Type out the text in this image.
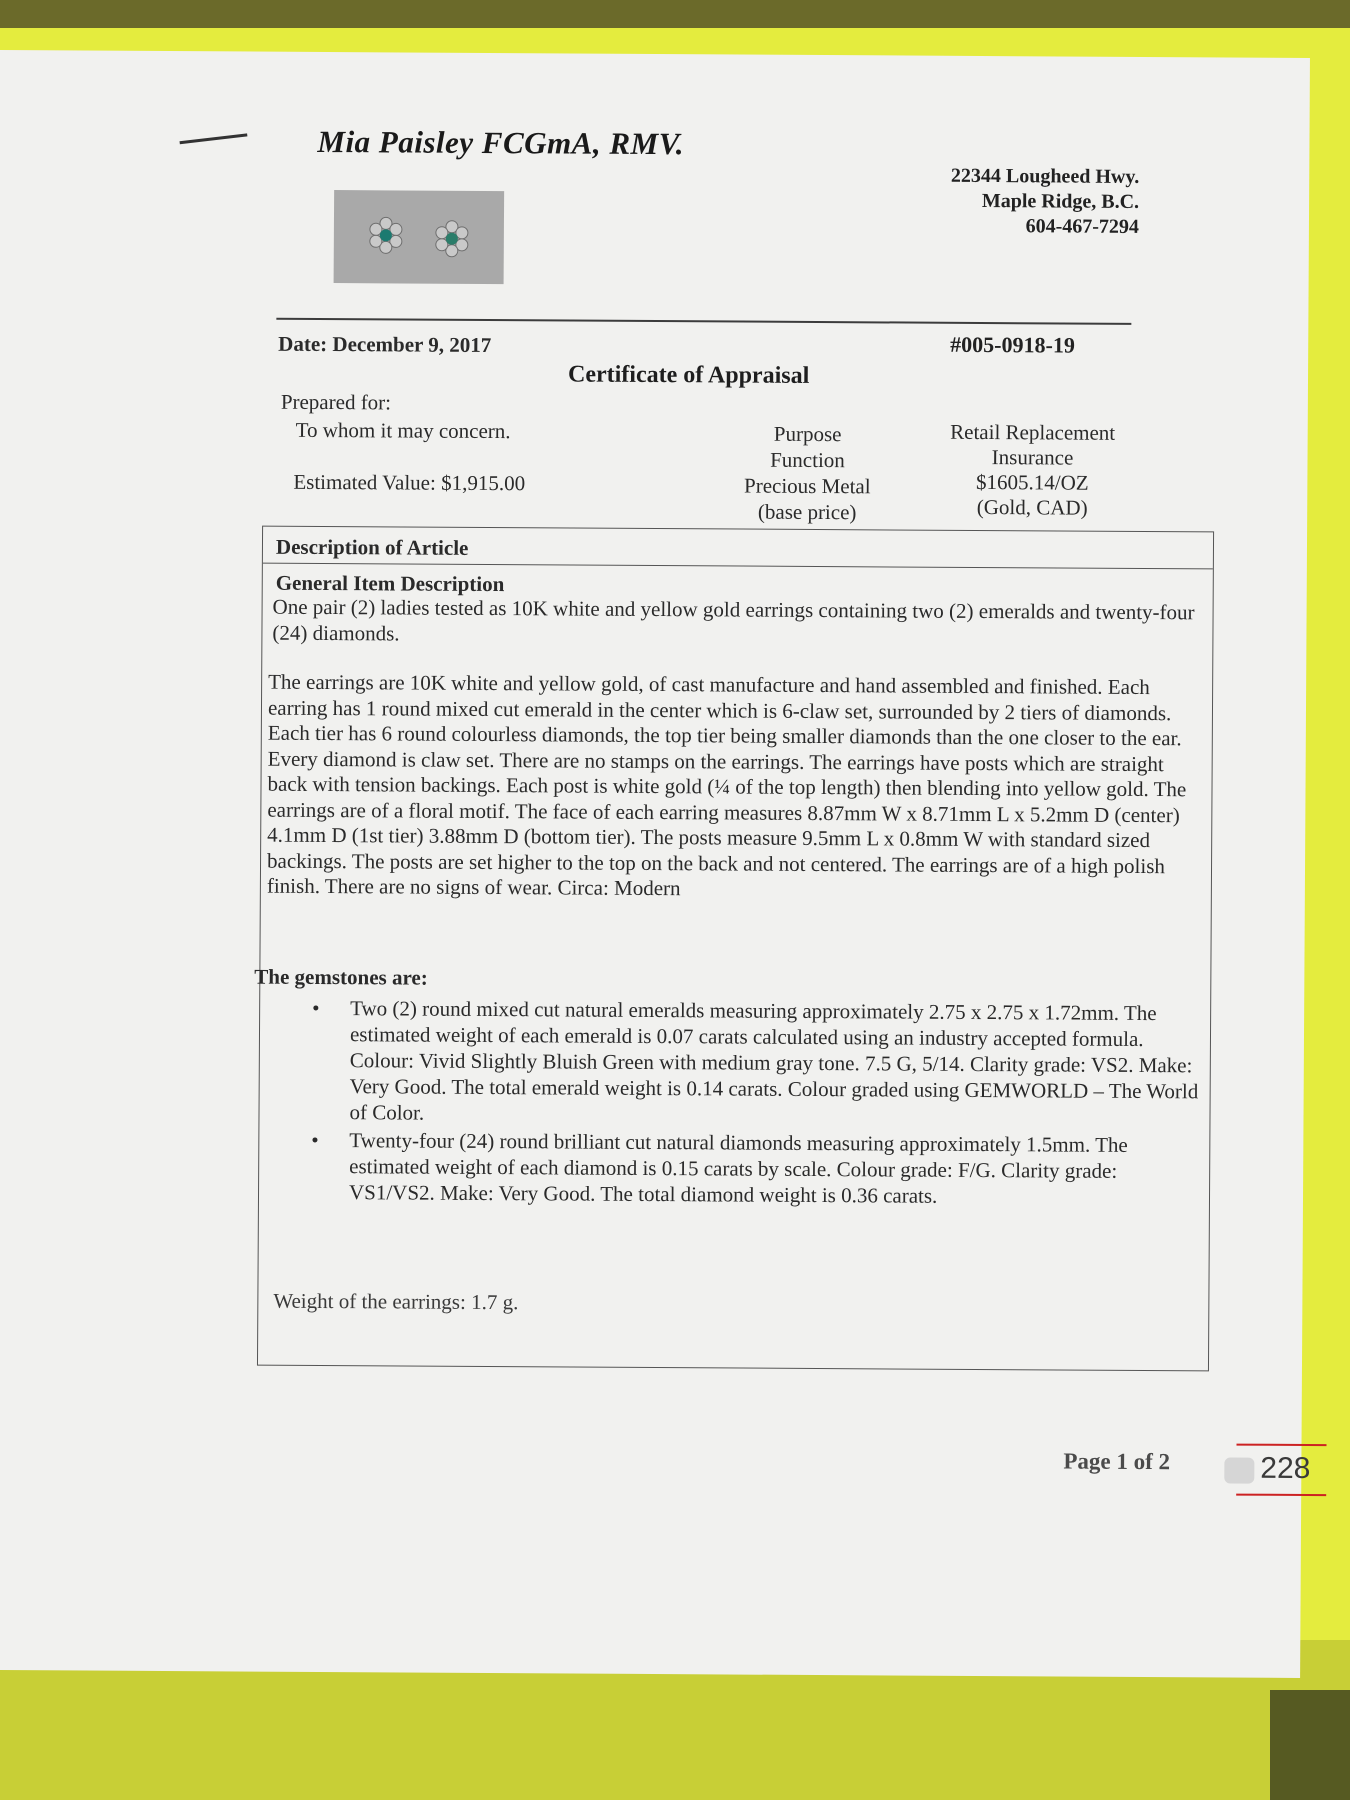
Mia Paisley FCGmA, RMV.
22344 Lougheed Hwy.
Maple Ridge, B.C.
604-467-7294
Date: December 9, 2017	#005-0918-19
Certificate of Appraisal
Prepared for:
To whom it may concern.
Estimated Value: $1,915.00
Purpose
Function
Precious Metal
(base price)
Retail Replacement
Insurance
$1605.14/OZ
(Gold, CAD)
Description of Article
General Item Description
One pair (2) ladies tested as 10K white and yellow gold earrings containing two (2) emeralds and twenty-four (24) diamonds.
The earrings are 10K white and yellow gold, of cast manufacture and hand assembled and finished. Each earring has 1 round mixed cut emerald in the center which is 6-claw set, surrounded by 2 tiers of diamonds. Each tier has 6 round colourless diamonds, the top tier being smaller diamonds than the one closer to the ear. Every diamond is claw set. There are no stamps on the earrings. The earrings have posts which are straight back with tension backings. Each post is white gold (¼ of the top length) then blending into yellow gold. The earrings are of a floral motif. The face of each earring measures 8.87mm W x 8.71mm L x 5.2mm D (center) 4.1mm D (1st tier) 3.88mm D (bottom tier). The posts measure 9.5mm L x 0.8mm W with standard sized backings. The posts are set higher to the top on the back and not centered. The earrings are of a high polish finish. There are no signs of wear. Circa: Modern
The gemstones are:
• Two (2) round mixed cut natural emeralds measuring approximately 2.75 x 2.75 x 1.72mm. The estimated weight of each emerald is 0.07 carats calculated using an industry accepted formula. Colour: Vivid Slightly Bluish Green with medium gray tone. 7.5 G, 5/14. Clarity grade: VS2. Make: Very Good. The total emerald weight is 0.14 carats. Colour graded using GEMWORLD – The World of Color.
• Twenty-four (24) round brilliant cut natural diamonds measuring approximately 1.5mm. The estimated weight of each diamond is 0.15 carats by scale. Colour grade: F/G. Clarity grade: VS1/VS2. Make: Very Good. The total diamond weight is 0.36 carats.
Weight of the earrings: 1.7 g.
Page 1 of 2	228
